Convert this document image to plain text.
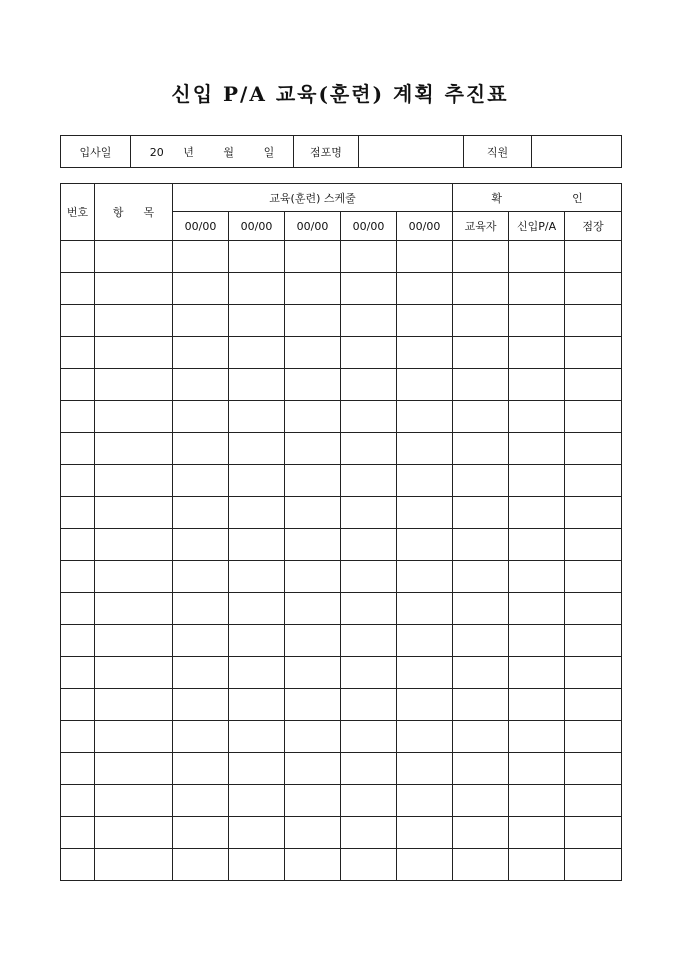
신입 P/A 교육(훈련) 계획 추진표
입사일	20 년	월	일	점포명		직원	
번호	항 목	교육(훈련) 스케줄					확 인		
		00/00	00/00	00/00	00/00	00/00	교육자	신입P/A	점장
